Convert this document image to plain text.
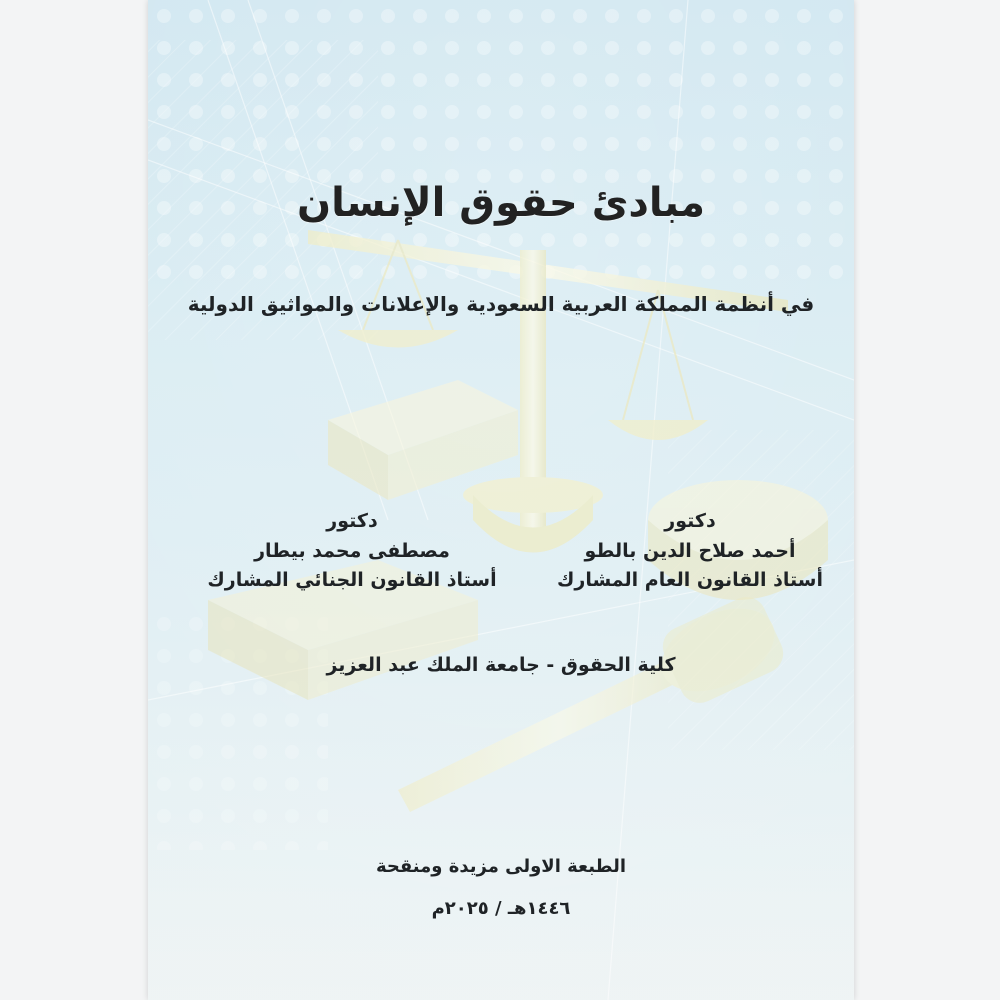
مبادئ حقوق الإنسان
في أنظمة المملكة العربية السعودية والإعلانات والمواثيق الدولية
دكتور
أحمد صلاح الدين بالطو
أستاذ القانون العام المشارك
دكتور
مصطفى محمد بيطار
أستاذ القانون الجنائي المشارك
كلية الحقوق - جامعة الملك عبد العزيز
الطبعة الاولى مزيدة ومنقحة
١٤٤٦هـ / ٢٠٢٥م
